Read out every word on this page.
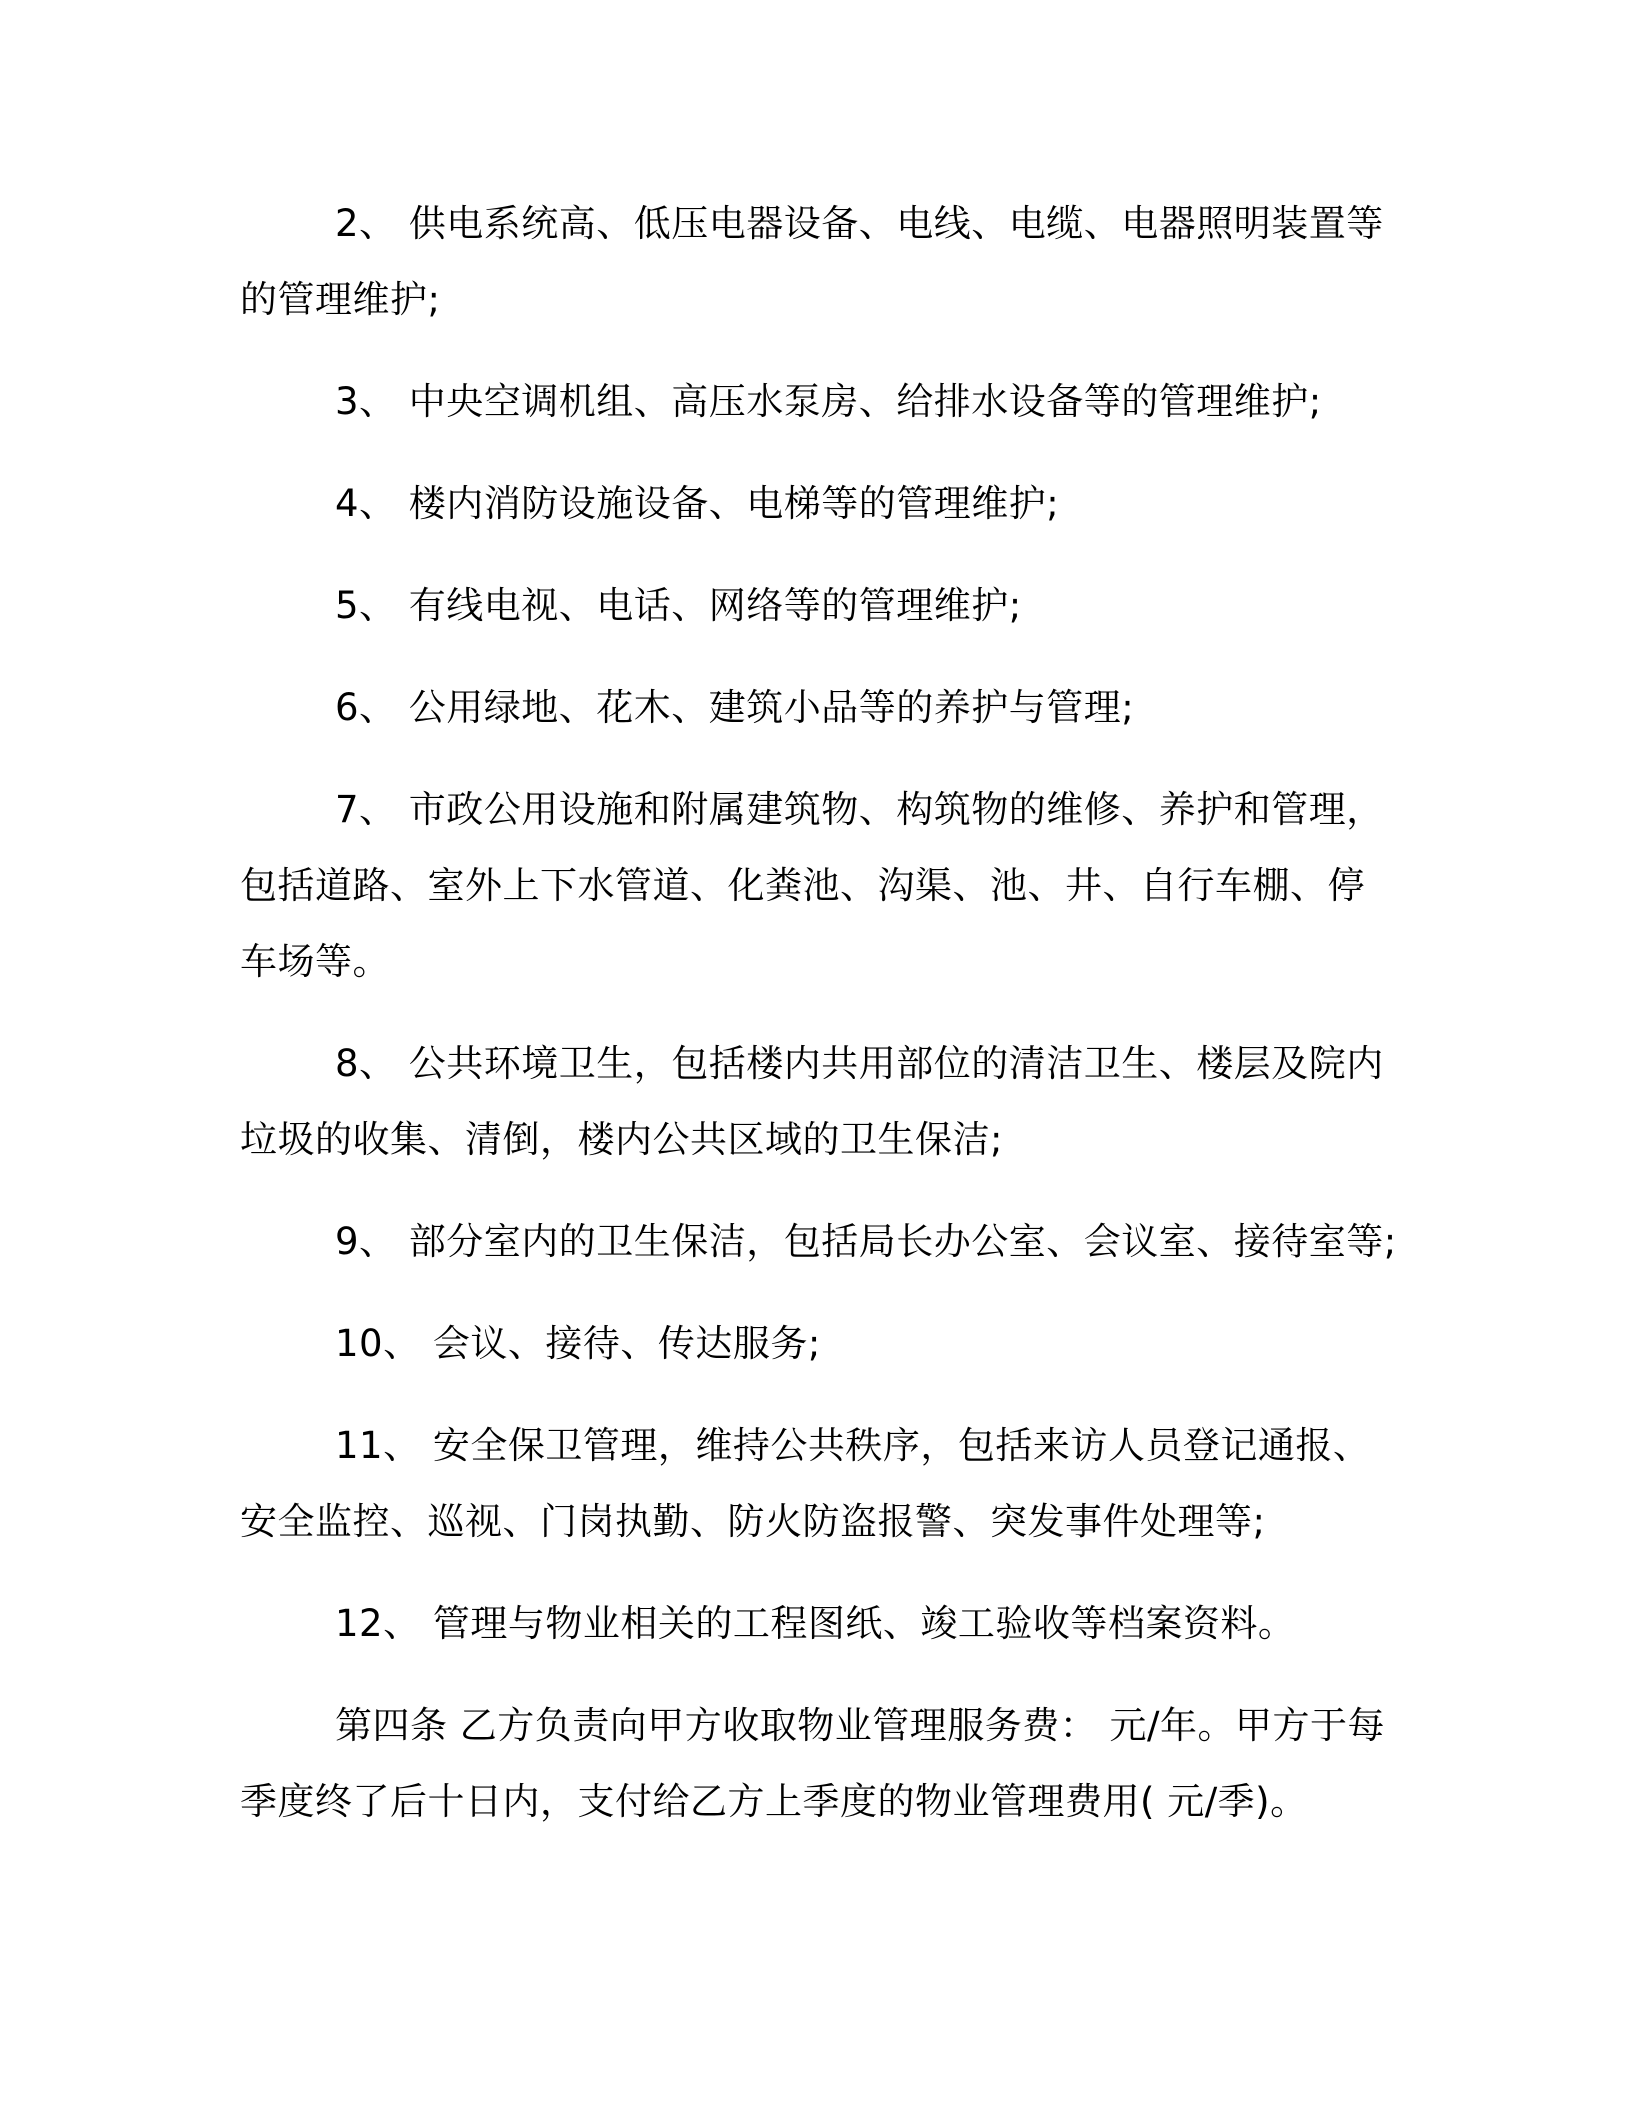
2、 供电系统高、低压电器设备、电线、电缆、电器照明装置等的管理维护;

3、 中央空调机组、高压水泵房、给排水设备等的管理维护;

4、 楼内消防设施设备、电梯等的管理维护;

5、 有线电视、电话、网络等的管理维护;

6、 公用绿地、花木、建筑小品等的养护与管理;

7、 市政公用设施和附属建筑物、构筑物的维修、养护和管理，包括道路、室外上下水管道、化粪池、沟渠、池、井、自行车棚、停车场等。

8、 公共环境卫生，包括楼内共用部位的清洁卫生、楼层及院内垃圾的收集、清倒，楼内公共区域的卫生保洁;

9、 部分室内的卫生保洁，包括局长办公室、会议室、接待室等;

10、 会议、接待、传达服务;

11、 安全保卫管理，维持公共秩序，包括来访人员登记通报、安全监控、巡视、门岗执勤、防火防盗报警、突发事件处理等;

12、 管理与物业相关的工程图纸、竣工验收等档案资料。

第四条 乙方负责向甲方收取物业管理服务费： 元/年。甲方于每季度终了后十日内，支付给乙方上季度的物业管理费用( 元/季)。
